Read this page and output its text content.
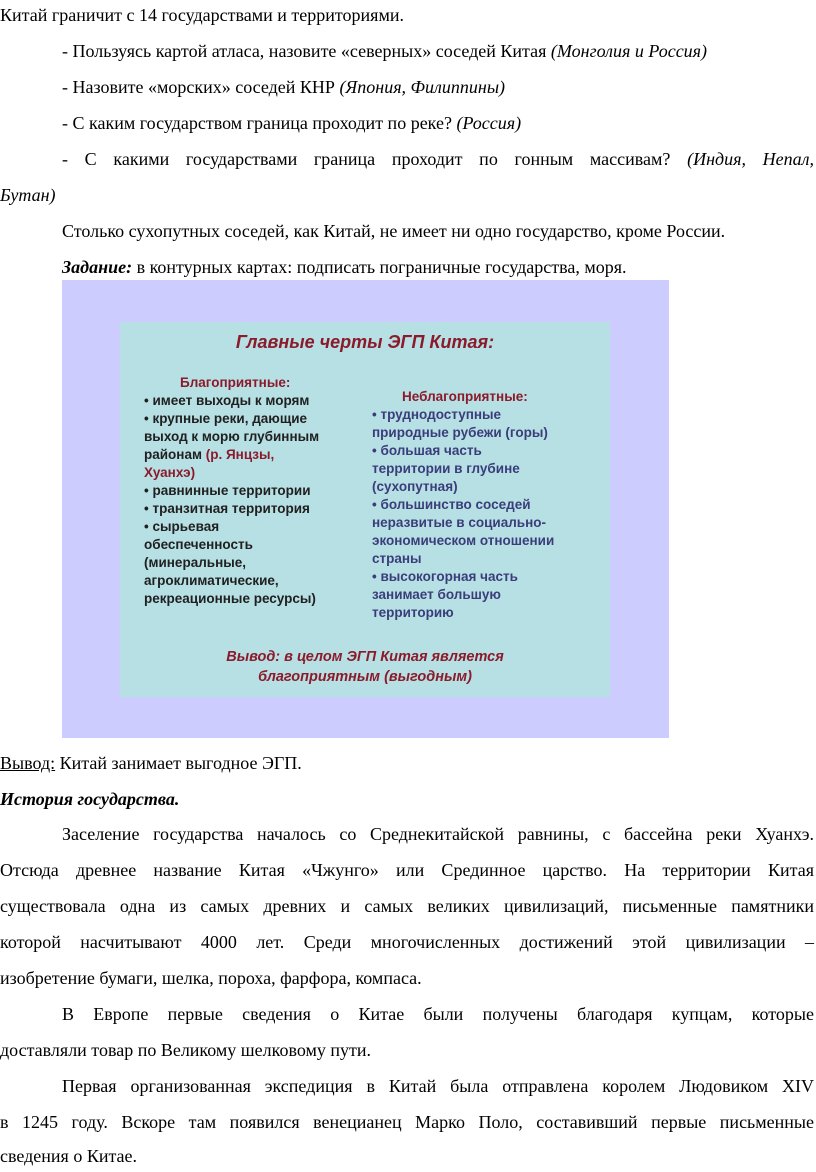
Китай граничит с 14 государствами и территориями.
- Пользуясь картой атласа, назовите «северных» соседей Китая (Монголия и Россия)
- Назовите «морских» соседей КНР (Япония, Филиппины)
- С каким государством граница проходит по реке? (Россия)
- С какими государствами граница проходит по гонным массивам? (Индия, Непал,
Бутан)
Столько сухопутных соседей, как Китай, не имеет ни одно государство, кроме России.
Задание: в контурных картах: подписать пограничные государства, моря.
Главные черты ЭГП Китая:
Благоприятные:
• имеет выходы к морям
• крупные реки, дающие
выход к морю глубинным
районам (р. Янцзы,
Хуанхэ)
• равнинные территории
• транзитная территория
• сырьевая
обеспеченность
(минеральные,
агроклиматические,
рекреационные ресурсы)
Неблагоприятные:
• труднодоступные
природные рубежи (горы)
• большая часть
территории в глубине
(сухопутная)
• большинство соседей
неразвитые в социально-
экономическом отношении
страны
• высокогорная часть
занимает большую
территорию
Вывод: в целом ЭГП Китая является
благоприятным (выгодным)
Вывод: Китай занимает выгодное ЭГП.
История государства.
Заселение государства началось со Среднекитайской равнины, с бассейна реки Хуанхэ.
Отсюда древнее название Китая «Чжунго» или Срединное царство. На территории Китая
существовала одна из самых древних и самых великих цивилизаций, письменные памятники
которой насчитывают 4000 лет. Среди многочисленных достижений этой цивилизации –
изобретение бумаги, шелка, пороха, фарфора, компаса.
В Европе первые сведения о Китае были получены благодаря купцам, которые
доставляли товар по Великому шелковому пути.
Первая организованная экспедиция в Китай была отправлена королем Людовиком XIV
в 1245 году. Вскоре там появился венецианец Марко Поло, составивший первые письменные
сведения о Китае.
